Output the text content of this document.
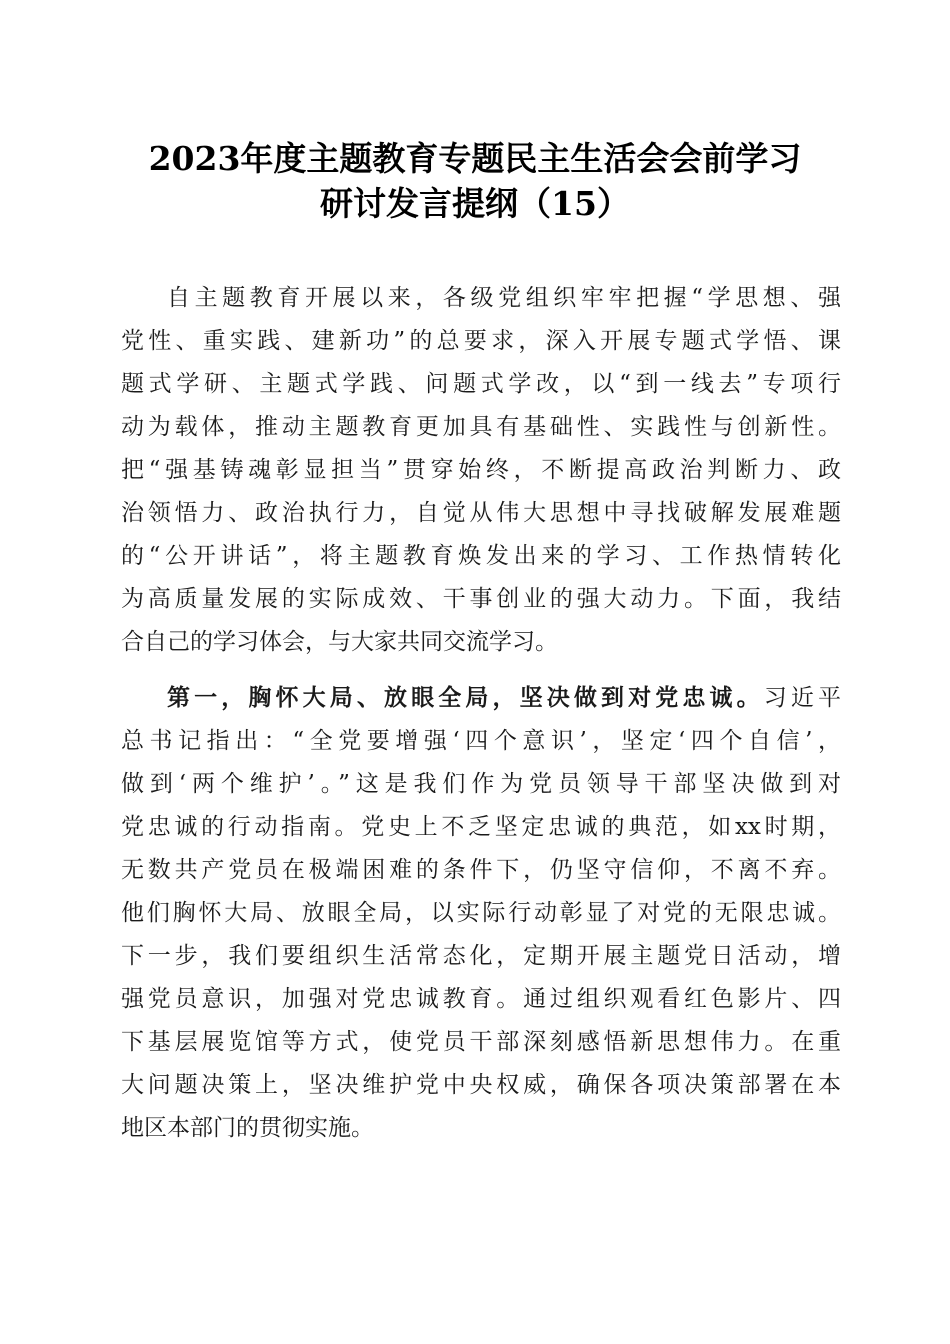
2023年度主题教育专题民主生活会会前学习
研讨发言提纲（15）

自主题教育开展以来，各级党组织牢牢把握“学思想、强

党性、重实践、建新功”的总要求，深入开展专题式学悟、课

题式学研、主题式学践、问题式学改，以“到一线去”专项行

动为载体，推动主题教育更加具有基础性、实践性与创新性。

把“强基铸魂彰显担当”贯穿始终，不断提高政治判断力、政

治领悟力、政治执行力，自觉从伟大思想中寻找破解发展难题

的“公开讲话”，将主题教育焕发出来的学习、工作热情转化

为高质量发展的实际成效、干事创业的强大动力。下面，我结

合自己的学习体会，与大家共同交流学习。

第一，胸怀大局、放眼全局，坚决做到对党忠诚。习近平

总书记指出：“全党要增强‘四个意识’，坚定‘四个自信’，

做到‘两个维护’。”这是我们作为党员领导干部坚决做到对

党忠诚的行动指南。党史上不乏坚定忠诚的典范，如xx时期，

无数共产党员在极端困难的条件下，仍坚守信仰，不离不弃。

他们胸怀大局、放眼全局，以实际行动彰显了对党的无限忠诚。

下一步，我们要组织生活常态化，定期开展主题党日活动，增

强党员意识，加强对党忠诚教育。通过组织观看红色影片、四

下基层展览馆等方式，使党员干部深刻感悟新思想伟力。在重

大问题决策上，坚决维护党中央权威，确保各项决策部署在本

地区本部门的贯彻实施。
